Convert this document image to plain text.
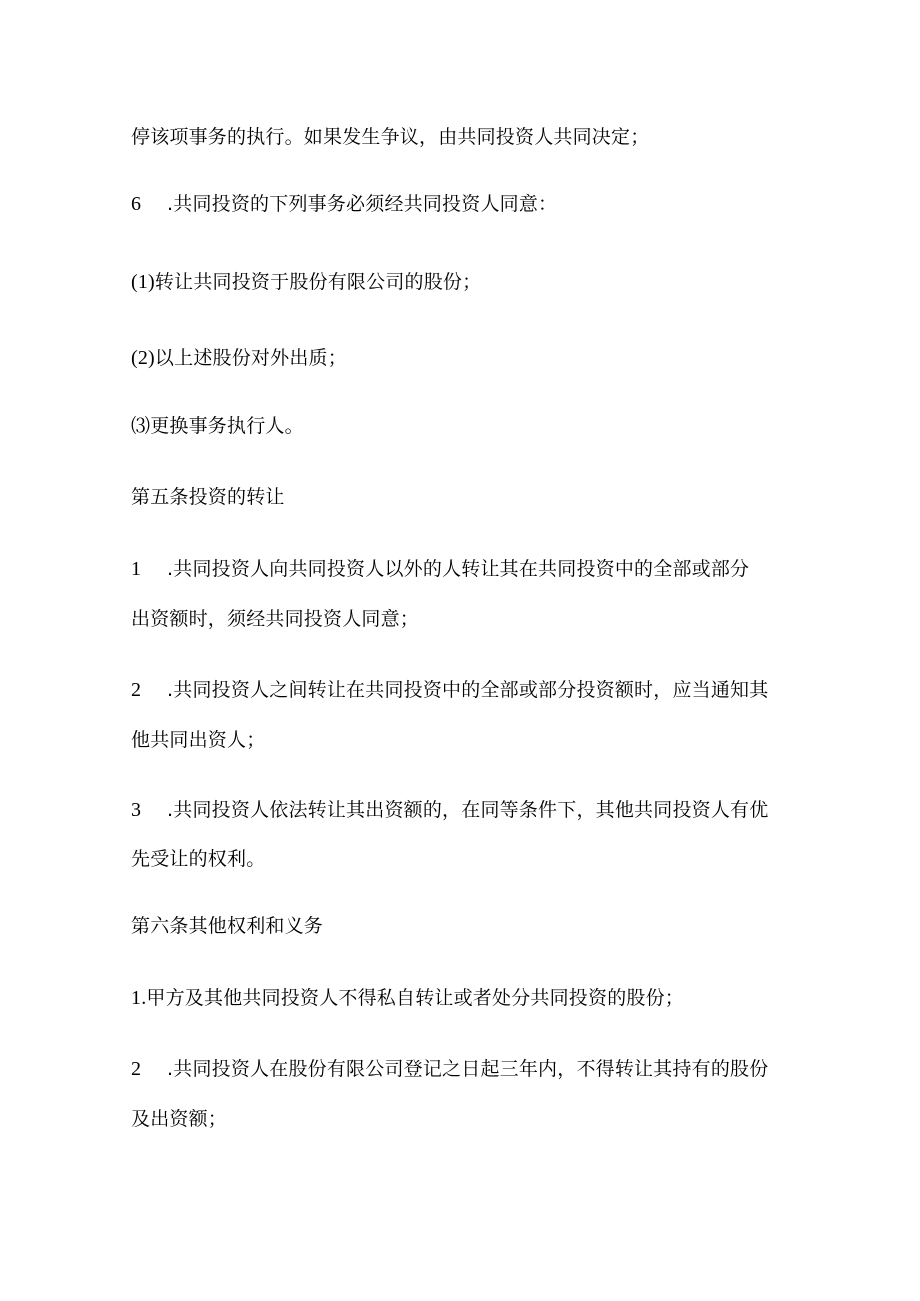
停该项事务的执行。如果发生争议，由共同投资人共同决定；
6 .共同投资的下列事务必须经共同投资人同意：
(1)转让共同投资于股份有限公司的股份；
(2)以上述股份对外出质；
⑶更换事务执行人。
第五条投资的转让
1 .共同投资人向共同投资人以外的人转让其在共同投资中的全部或部分
出资额时，须经共同投资人同意；
2 .共同投资人之间转让在共同投资中的全部或部分投资额时，应当通知其
他共同出资人；
3 .共同投资人依法转让其出资额的，在同等条件下，其他共同投资人有优
先受让的权利。
第六条其他权利和义务
1.甲方及其他共同投资人不得私自转让或者处分共同投资的股份；
2 .共同投资人在股份有限公司登记之日起三年内，不得转让其持有的股份
及出资额；
